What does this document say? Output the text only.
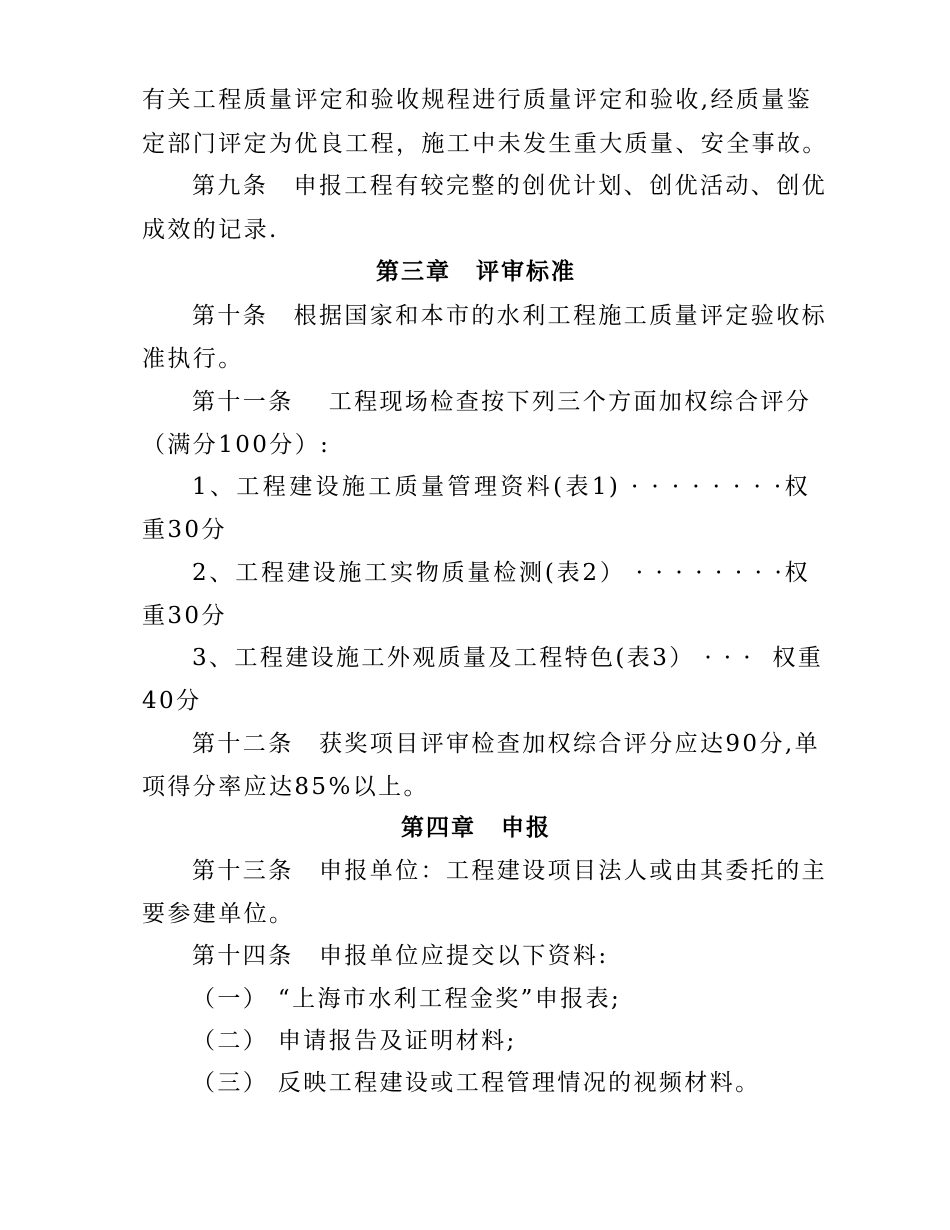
有关工程质量评定和验收规程进行质量评定和验收,经质量鉴
定部门评定为优良工程，施工中未发生重大质量、安全事故。
第九条　申报工程有较完整的创优计划、创优活动、创优
成效的记录.
第三章　评审标准
第十条　根据国家和本市的水利工程施工质量评定验收标
准执行。
第十一条　 工程现场检查按下列三个方面加权综合评分
（满分100分）:
1、工程建设施工质量管理资料(表1) · · · · · · · ·权
重30分
2、工程建设施工实物质量检测(表2） · · · · · · · ·权
重30分
3、工程建设施工外观质量及工程特色(表3） · · ·  权重
40分
第十二条　获奖项目评审检查加权综合评分应达90分,单
项得分率应达85%以上。
第四章　申报
第十三条　申报单位：工程建设项目法人或由其委托的主
要参建单位。
第十四条　申报单位应提交以下资料:
（一） “上海市水利工程金奖”申报表;
（二） 申请报告及证明材料;
（三） 反映工程建设或工程管理情况的视频材料。
